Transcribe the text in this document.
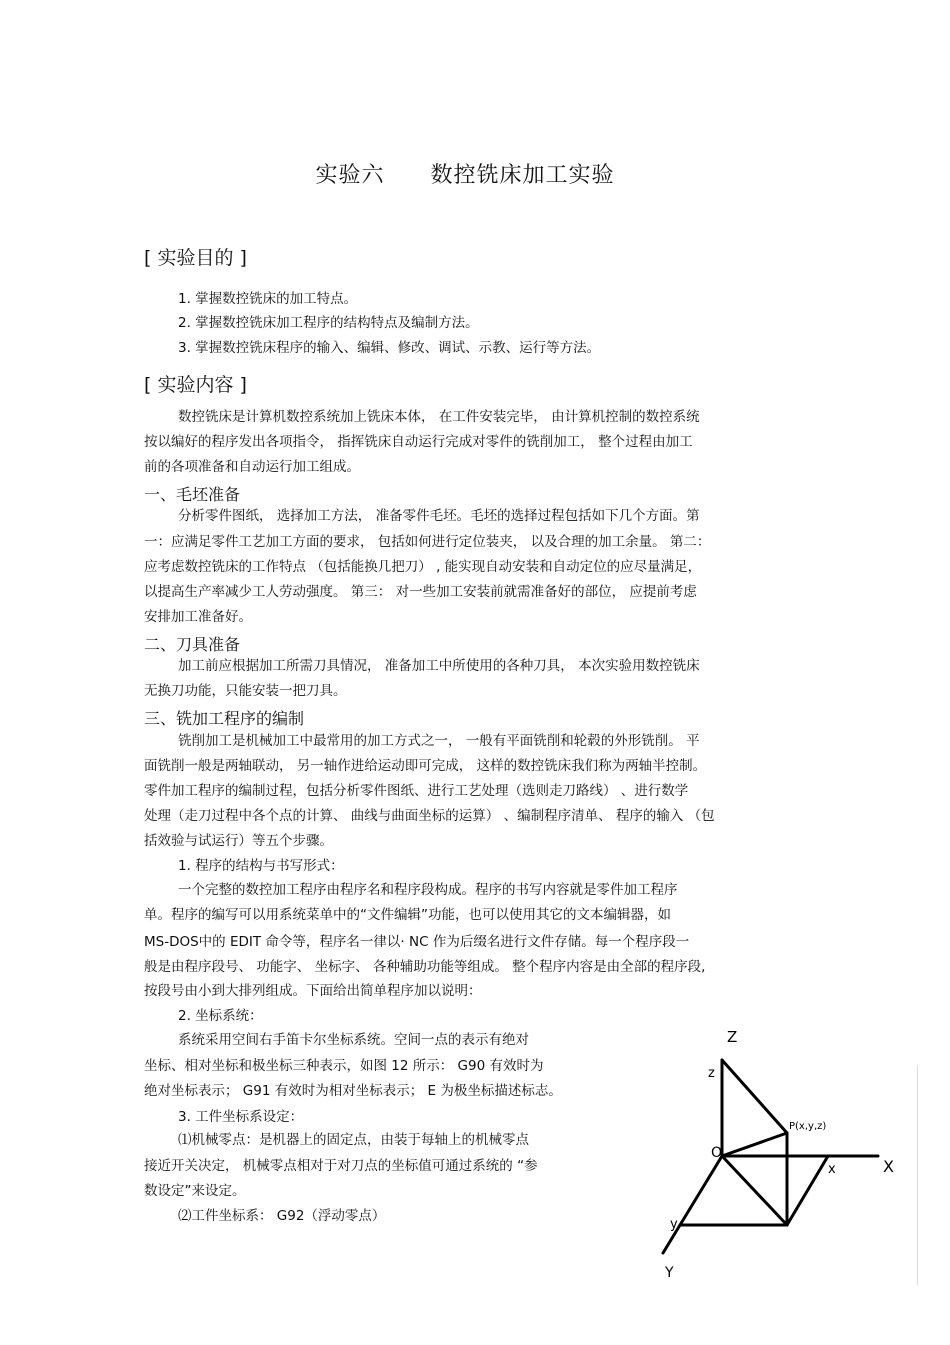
实验六 数控铣床加工实验
[ 实验目的 ]
1. 掌握数控铣床的加工特点。
2. 掌握数控铣床加工程序的结构特点及编制方法。
3. 掌握数控铣床程序的输入、编辑、修改、调试、示教、运行等方法。
[ 实验内容 ]
数控铣床是计算机数控系统加上铣床本体， 在工件安装完毕， 由计算机控制的数控系统
按以编好的程序发出各项指令， 指挥铣床自动运行完成对零件的铣削加工， 整个过程由加工
前的各项准备和自动运行加工组成。
一、毛坯准备
分析零件图纸， 选择加工方法， 准备零件毛坯。毛坯的选择过程包括如下几个方面。第
一：应满足零件工艺加工方面的要求， 包括如何进行定位装夹， 以及合理的加工余量。 第二：
应考虑数控铣床的工作特点 （包括能换几把刀） , 能实现自动安装和自动定位的应尽量满足，
以提高生产率减少工人劳动强度。 第三： 对一些加工安装前就需准备好的部位， 应提前考虑
安排加工准备好。
二、刀具准备
加工前应根据加工所需刀具情况， 准备加工中所使用的各种刀具， 本次实验用数控铣床
无换刀功能，只能安装一把刀具。
三、铣加工程序的编制
铣削加工是机械加工中最常用的加工方式之一， 一般有平面铣削和轮毂的外形铣削。 平
面铣削一般是两轴联动， 另一轴作进给运动即可完成， 这样的数控铣床我们称为两轴半控制。
零件加工程序的编制过程，包括分析零件图纸、进行工艺处理（选则走刀路线） 、进行数学
处理（走刀过程中各个点的计算、 曲线与曲面坐标的运算） 、编制程序清单、 程序的输入 （包
括效验与试运行）等五个步骤。
1. 程序的结构与书写形式：
一个完整的数控加工程序由程序名和程序段构成。程序的书写内容就是零件加工程序
单。程序的编写可以用系统菜单中的“文件编辑”功能，也可以使用其它的文本编辑器，如
MS-DOS中的 EDIT 命令等，程序名一律以· NC 作为后缀名进行文件存储。每一个程序段一
般是由程序段号、 功能字、 坐标字、 各种辅助功能等组成。 整个程序内容是由全部的程序段,
按段号由小到大排列组成。下面给出简单程序加以说明：
2. 坐标系统：
系统采用空间右手笛卡尔坐标系统。空间一点的表示有绝对
坐标、相对坐标和极坐标三种表示，如图 12 所示： G90 有效时为
绝对坐标表示； G91 有效时为相对坐标表示； E 为极坐标描述标志。
3. 工件坐标系设定：
⑴机械零点：是机器上的固定点，由装于每轴上的机械零点
接近开关决定， 机械零点相对于对刀点的坐标值可通过系统的 “参
数设定”来设定。
⑵工件坐标系： G92（浮动零点）
Z
z
P(x,y,z)
O
x	X
y
Y
